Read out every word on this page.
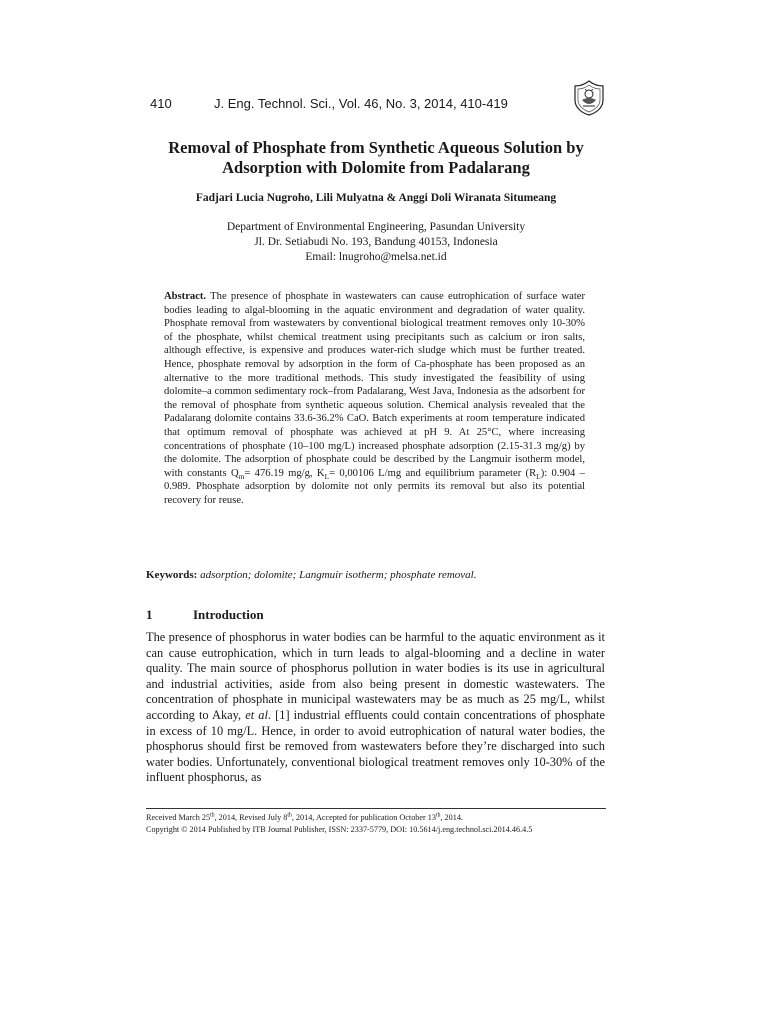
410	J. Eng. Technol. Sci., Vol. 46, No. 3, 2014, 410-419
Removal of Phosphate from Synthetic Aqueous Solution by
Adsorption with Dolomite from Padalarang
Fadjari Lucia Nugroho, Lili Mulyatna & Anggi Doli Wiranata Situmeang
Department of Environmental Engineering, Pasundan University
Jl. Dr. Setiabudi No. 193, Bandung 40153, Indonesia
Email: lnugroho@melsa.net.id
Abstract. The presence of phosphate in wastewaters can cause eutrophication of surface water bodies leading to algal-blooming in the aquatic environment and degradation of water quality. Phosphate removal from wastewaters by conventional biological treatment removes only 10-30% of the phosphate, whilst chemical treatment using precipitants such as calcium or iron salts, although effective, is expensive and produces water-rich sludge which must be further treated. Hence, phosphate removal by adsorption in the form of Ca-phosphate has been proposed as an alternative to the more traditional methods. This study investigated the feasibility of using dolomite–a common sedimentary rock–from Padalarang, West Java, Indonesia as the adsorbent for the removal of phosphate from synthetic aqueous solution. Chemical analysis revealed that the Padalarang dolomite contains 33.6-36.2% CaO. Batch experiments at room temperature indicated that optimum removal of phosphate was achieved at pH 9. At 25°C, where increasing concentrations of phosphate (10–100 mg/L) increased phosphate adsorption (2.15-31.3 mg/g) by the dolomite. The adsorption of phosphate could be described by the Langmuir isotherm model, with constants $Q_m= 476.19$ mg/g, $K_L= 0,00106$ L/mg and equilibrium parameter $(R_L)$: 0.904 – 0.989. Phosphate adsorption by dolomite not only permits its removal but also its potential recovery for reuse.
Keywords: adsorption; dolomite; Langmuir isotherm; phosphate removal.
1	Introduction
The presence of phosphorus in water bodies can be harmful to the aquatic environment as it can cause eutrophication, which in turn leads to algal-blooming and a decline in water quality. The main source of phosphorus pollution in water bodies is its use in agricultural and industrial activities, aside from also being present in domestic wastewaters. The concentration of phosphate in municipal wastewaters may be as much as 25 mg/L, whilst according to Akay, et al. [1] industrial effluents could contain concentrations of phosphate in excess of 10 mg/L. Hence, in order to avoid eutrophication of natural water bodies, the phosphorus should first be removed from wastewaters before they’re discharged into such water bodies. Unfortunately, conventional biological treatment removes only 10-30% of the influent phosphorus, as
Received March 25th, 2014, Revised July 8th, 2014, Accepted for publication October 13th, 2014.
Copyright © 2014 Published by ITB Journal Publisher, ISSN: 2337-5779, DOI: 10.5614/j.eng.technol.sci.2014.46.4.5
